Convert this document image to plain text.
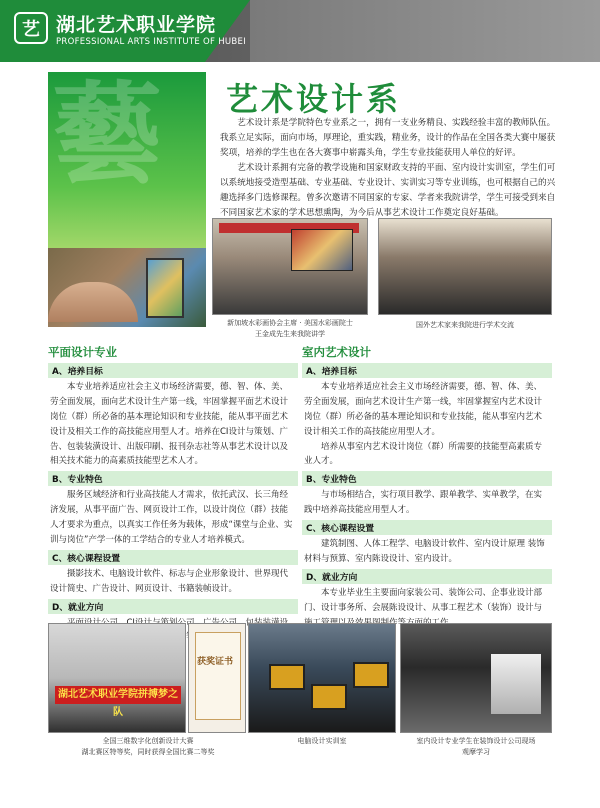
艺 湖北艺术职业学院
PROFESSIONAL ARTS INSTITUTE OF HUBEI
藝 艺术设计系

艺术设计系是学院特色专业系之一，拥有一支业务精良、实践经验丰富的教师队伍。我系立足实际，面向市场，厚理论，重实践，精业务，设计的作品在全国各类大赛中屡获奖项，培养的学生也在各大赛事中崭露头角，学生专业技能获用人单位的好评。

艺术设计系拥有完备的教学设施和国家财政支持的平面、室内设计实训室，学生们可以系统地接受造型基础、专业基础、专业设计、实训实习等专业训练，也可根据自己的兴趣选择多门选修课程。曾多次邀请不同国家的专家、学者来我院讲学，学生可接受到来自不同国家艺术家的学术思想熏陶，为今后从事艺术设计工作奠定良好基础。

新加坡水彩画协会主席 · 美国水彩画院士
王金成先生来我院讲学
国外艺术家来我院进行学术交流
平面设计专业
A、培养目标
本专业培养适应社会主义市场经济需要，德、智、体、美、劳全面发展，面向艺术设计生产第一线，牢固掌握平面艺术设计岗位（群）所必备的基本理论知识和专业技能，能从事平面艺术设计及相关工作的高技能应用型人才。培养在CI设计与策划、广告、包装装潢设计、出版印刷、报刊杂志社等从事艺术设计以及相关技术能力的高素质技能型艺术人才。
B、专业特色
服务区域经济和行业高技能人才需求，依托武汉、长三角经济发展，从事平面广告、网页设计工作，以设计岗位（群）技能人才要求为重点，以真实工作任务为载体，形成“课堂与企业、实训与岗位”产学一体的工学结合的专业人才培养模式。
C、核心课程设置
摄影技术、电脑设计软件、标志与企业形象设计、世界现代设计简史、广告设计、网页设计、书籍装帧设计。
D、就业方向
室内艺术设计
A、培养目标
本专业培养适应社会主义市场经济需要，德、智、体、美、劳全面发展，面向艺术设计生产第一线，牢固掌握室内艺术设计岗位（群）所必备的基本理论知识和专业技能，能从事室内艺术设计相关工作的高技能应用型人才。
培养从事室内艺术设计岗位（群）所需要的技能型高素质专业人才。
B、专业特色
与市场相结合，实行项目教学、跟单教学、实单教学，在实践中培养高技能应用型人才。
C、核心课程设置
建筑制图、人体工程学、电脑设计软件、室内设计原理 装饰材料与预算、室内陈设设计、室内设计。
D、就业方向
本专业毕业生主要面向家装公司、装饰公司、企事业设计部门、设计事务所、会展陈设设计、从事工程艺术（装饰）设计与 制作等方
湖北艺术职业学院拼搏梦之队
获奖证书
全国三维数字化创新设计大赛
湖北赛区特等奖，同时获得全国比赛二等奖
电脑设计实训室	室内设计专业学生在装饰设计公司现场
观摩学习
